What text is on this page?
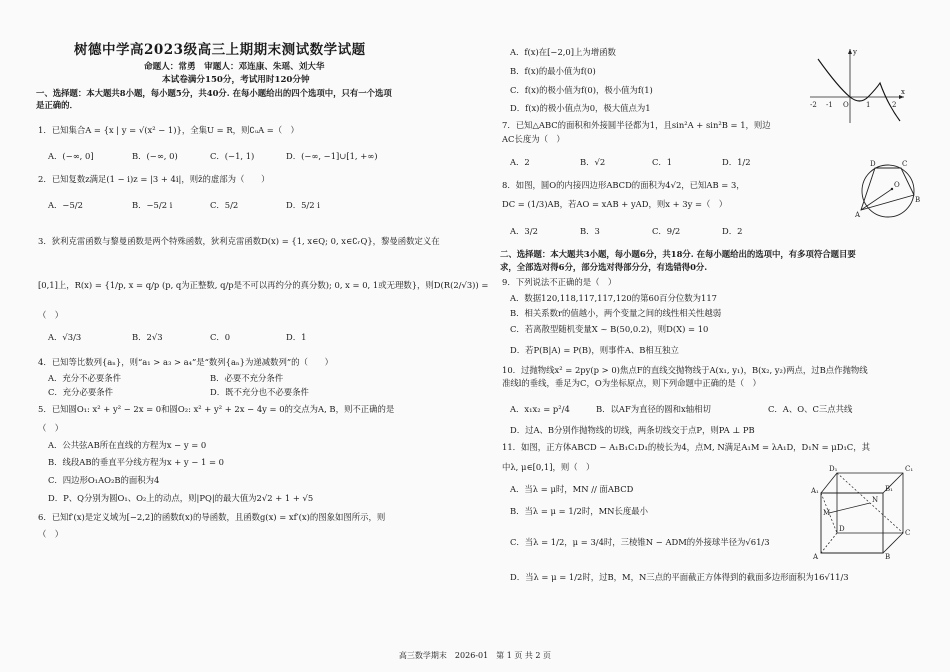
树德中学高2023级高三上期期末测试数学试题
命题人：常勇　审题人：邓连康、朱瑶、刘大华
本试卷满分150分，考试用时120分钟
一、选择题：本大题共8小题，每小题5分，共40分. 在每小题给出的四个选项中，只有一个选项
是正确的．
1．已知集合A = {x | y = √(x² − 1)}，全集U = R，则∁ᵤA =（　）
A．(−∞, 0]	B．(−∞, 0)	C．(−1, 1)	D．(−∞, −1]∪[1, +∞)
2．已知复数z满足(1 − i)z = |3 + 4i|，则z̄的虚部为（　　）
A．−5/2	B．−5/2 i	C．5/2	D．5/2 i
3．狄利克雷函数与黎曼函数是两个特殊函数，狄利克雷函数D(x) = {1, x∈Q; 0, x∈∁ᵣQ}，黎曼函数定义在
[0,1]上，R(x) = {1/p, x = q/p (p, q为正整数, q/p是不可以再约分的真分数); 0, x = 0, 1或无理数}，则D(R(2/√3)) =
（　）
A．√3/3	B．2√3	C．0	D．1
4．已知等比数列{aₙ}，则“a₁ > a₃ > a₄”是“数列{aₙ}为递减数列”的（　　）
A．充分不必要条件	B．必要不充分条件
C．充分必要条件	D．既不充分也不必要条件
5．已知圆O₁: x² + y² − 2x = 0和圆O₂: x² + y² + 2x − 4y = 0的交点为A, B，则不正确的是
（　）
A．公共弦AB所在直线的方程为x − y = 0
B．线段AB的垂直平分线方程为x + y − 1 = 0
C．四边形O₁AO₂B的面积为4
D．P、Q分别为圆O₁、O₂上的动点，则|PQ|的最大值为2√2 + 1 + √5
6．已知f′(x)是定义域为[−2,2]的函数f(x)的导函数，且函数g(x) = xf′(x)的图象如图所示，则
（　）
A．f(x)在[−2,0]上为增函数
B．f(x)的最小值为f(0)
C．f(x)的极小值为f(0)，极小值为f(1)
D．f(x)的极小值点为0，极大值点为1
7．已知△ABC的面积和外接圆半径都为1，且sin²A + sin²B = 1，则边
AC长度为（　）
A．2	B．√2	C．1	D．1/2
8．如图，圆O的内接四边形ABCD的面积为4√2，已知AB = 3，
DC = (1/3)AB，若AO = xAB + yAD，则x + 3y =（　）
A．3/2	B．3	C．9/2	D．2
二、选择题：本大题共3小题，每小题6分，共18分. 在每小题给出的选项中，有多项符合题目要
求，全部选对得6分，部分选对得部分分，有选错得0分.
9．下列说法不正确的是（　）
A．数据120,118,117,117,120的第60百分位数为117
B．相关系数r的值越小，两个变量之间的线性相关性越弱
C．若离散型随机变量X ~ B(50,0.2)，则D(X) = 10
D．若P(B|A) = P(B)，则事件A、B相互独立
10．过抛物线x² = 2py(p > 0)焦点F的直线交抛物线于A(x₁, y₁)，B(x₂, y₂)两点，过B点作抛物线
准线l的垂线，垂足为C，O为坐标原点，则下列命题中正确的是（　）
A．x₁x₂ = p²/4	B．以AF为直径的圆和x轴相切	C．A、O、C三点共线
D．过A、B分别作抛物线的切线，两条切线交于点P，则PA ⊥ PB
11．如图，正方体ABCD − A₁B₁C₁D₁的棱长为4，点M, N满足A₁M = λA₁D，D₁N = μD₁C，其
中λ, μ∈[0,1]，则（　）
A．当λ = μ时，MN // 面ABCD
B．当λ = μ = 1/2时，MN长度最小
C．当λ = 1/2，μ = 3/4时，三棱锥N − ADM的外接球半径为√61/3
D．当λ = μ = 1/2时，过B，M，N三点的平面截正方体得到的截面多边形面积为16√11/3
-2 -1 O 1	2
x
y
D	C
O
A
B
D₁	C₁
A₁	B₁
D	C
A	B
M
N
高三数学期末　2026-01　第 1 页 共 2 页
